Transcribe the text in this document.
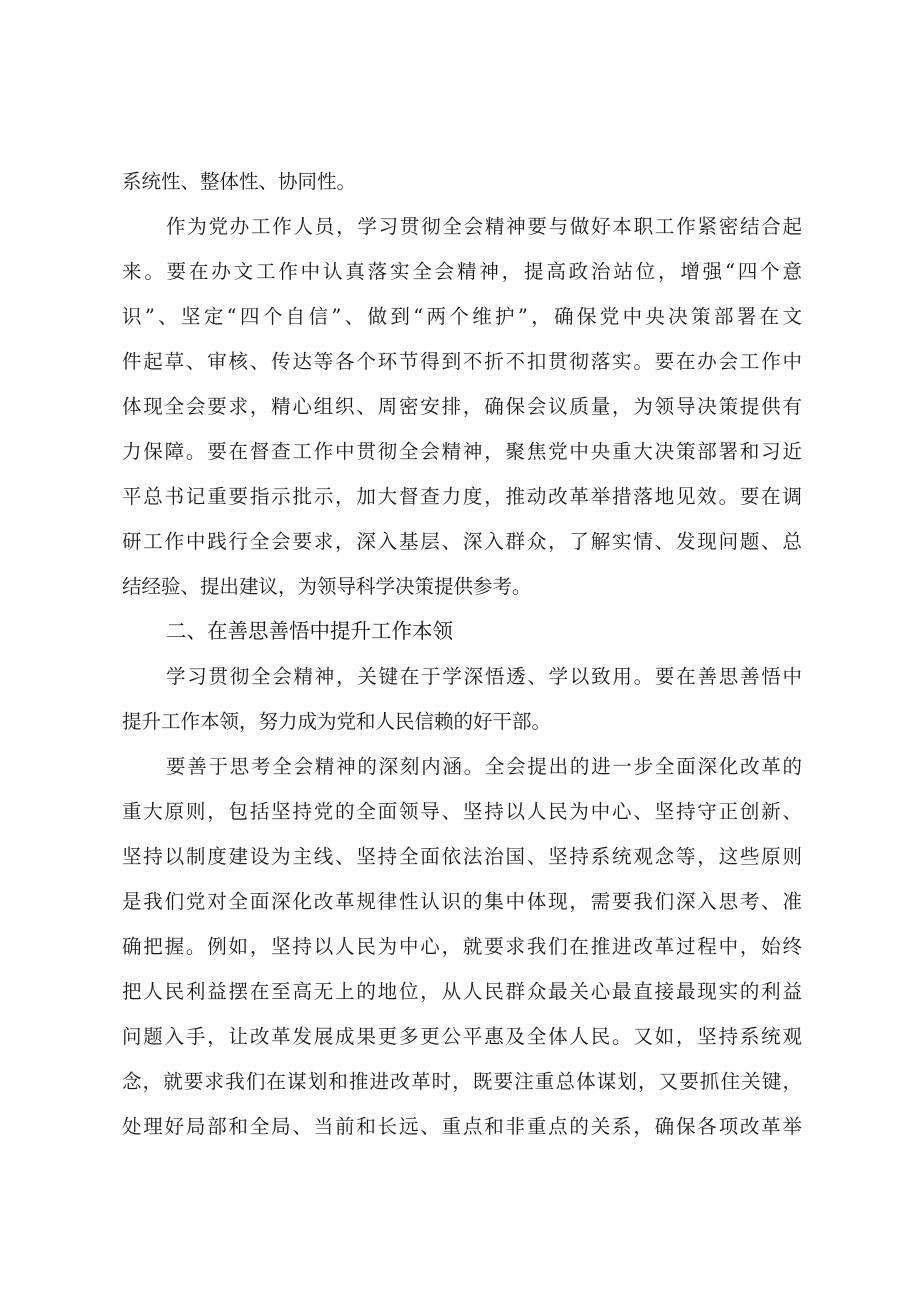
系统性、整体性、协同性。
作为党办工作人员，学习贯彻全会精神要与做好本职工作紧密结合起
来。要在办文工作中认真落实全会精神，提高政治站位，增强“四个意
识”、坚定“四个自信”、做到“两个维护”，确保党中央决策部署在文
件起草、审核、传达等各个环节得到不折不扣贯彻落实。要在办会工作中
体现全会要求，精心组织、周密安排，确保会议质量，为领导决策提供有
力保障。要在督查工作中贯彻全会精神，聚焦党中央重大决策部署和习近
平总书记重要指示批示，加大督查力度，推动改革举措落地见效。要在调
研工作中践行全会要求，深入基层、深入群众，了解实情、发现问题、总
结经验、提出建议，为领导科学决策提供参考。
二、在善思善悟中提升工作本领
学习贯彻全会精神，关键在于学深悟透、学以致用。要在善思善悟中
提升工作本领，努力成为党和人民信赖的好干部。
要善于思考全会精神的深刻内涵。全会提出的进一步全面深化改革的
重大原则，包括坚持党的全面领导、坚持以人民为中心、坚持守正创新、
坚持以制度建设为主线、坚持全面依法治国、坚持系统观念等，这些原则
是我们党对全面深化改革规律性认识的集中体现，需要我们深入思考、准
确把握。例如，坚持以人民为中心，就要求我们在推进改革过程中，始终
把人民利益摆在至高无上的地位，从人民群众最关心最直接最现实的利益
问题入手，让改革发展成果更多更公平惠及全体人民。又如，坚持系统观
念，就要求我们在谋划和推进改革时，既要注重总体谋划，又要抓住关键，
处理好局部和全局、当前和长远、重点和非重点的关系，确保各项改革举
